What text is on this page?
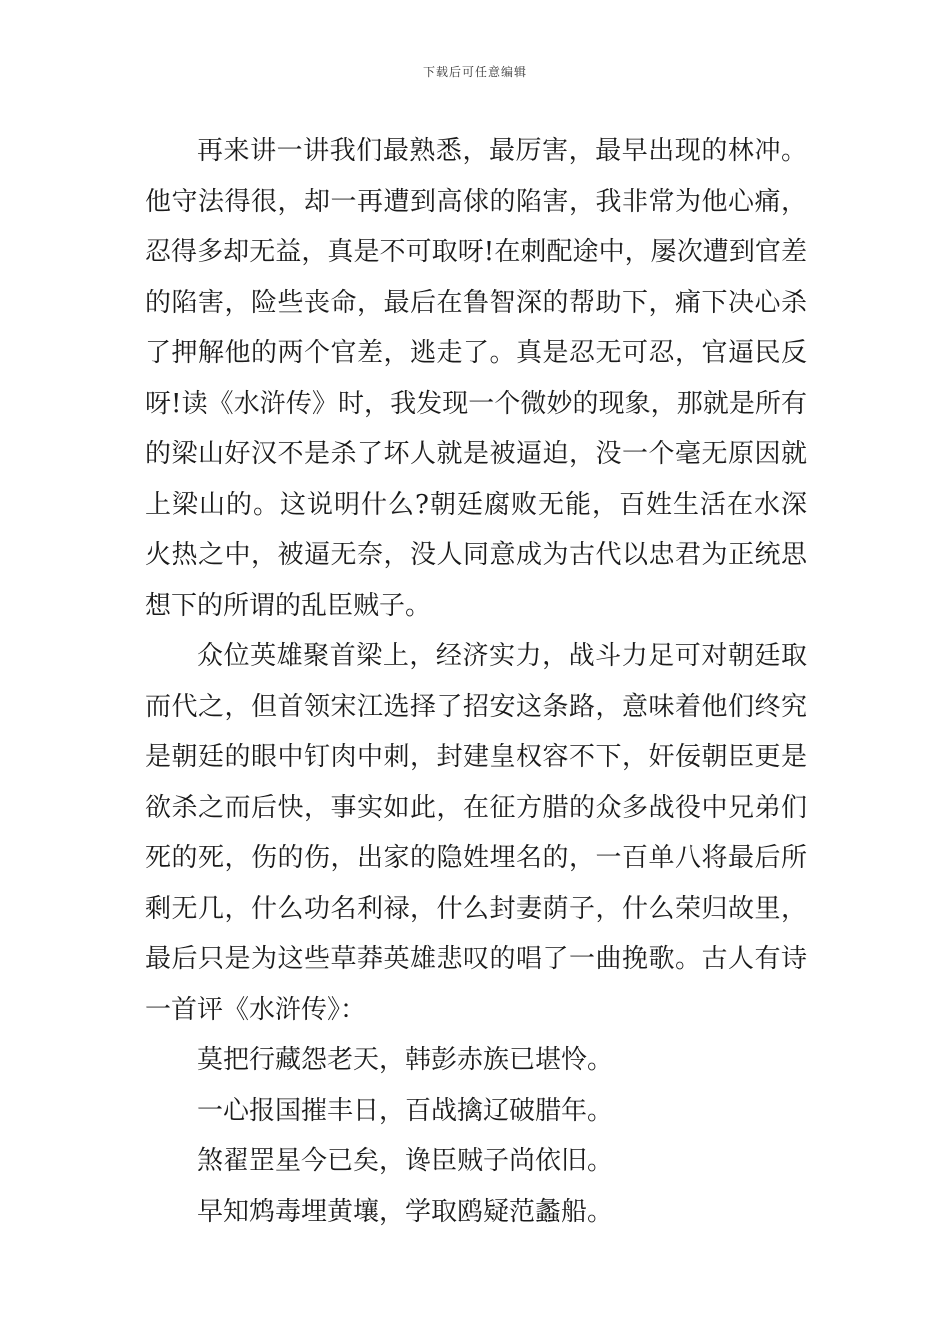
下载后可任意编辑

再来讲一讲我们最熟悉，最厉害，最早出现的林冲。他守法得很，却一再遭到高俅的陷害，我非常为他心痛，忍得多却无益，真是不可取呀!在刺配途中，屡次遭到官差的陷害，险些丧命，最后在鲁智深的帮助下，痛下决心杀了押解他的两个官差，逃走了。真是忍无可忍，官逼民反呀!读《水浒传》时，我发现一个微妙的现象，那就是所有的梁山好汉不是杀了坏人就是被逼迫，没一个毫无原因就上梁山的。这说明什么?朝廷腐败无能，百姓生活在水深火热之中，被逼无奈，没人同意成为古代以忠君为正统思想下的所谓的乱臣贼子。

众位英雄聚首梁上，经济实力，战斗力足可对朝廷取而代之，但首领宋江选择了招安这条路，意味着他们终究是朝廷的眼中钉肉中刺，封建皇权容不下，奸佞朝臣更是欲杀之而后快，事实如此，在征方腊的众多战役中兄弟们死的死，伤的伤，出家的隐姓埋名的，一百单八将最后所剩无几，什么功名利禄，什么封妻荫子，什么荣归故里，最后只是为这些草莽英雄悲叹的唱了一曲挽歌。古人有诗一首评《水浒传》：

莫把行藏怨老天，韩彭赤族已堪怜。

一心报国摧丰日，百战擒辽破腊年。

煞翟罡星今已矣，谗臣贼子尚依旧。

早知鸩毒埋黄壤，学取鸥疑范蠡船。
